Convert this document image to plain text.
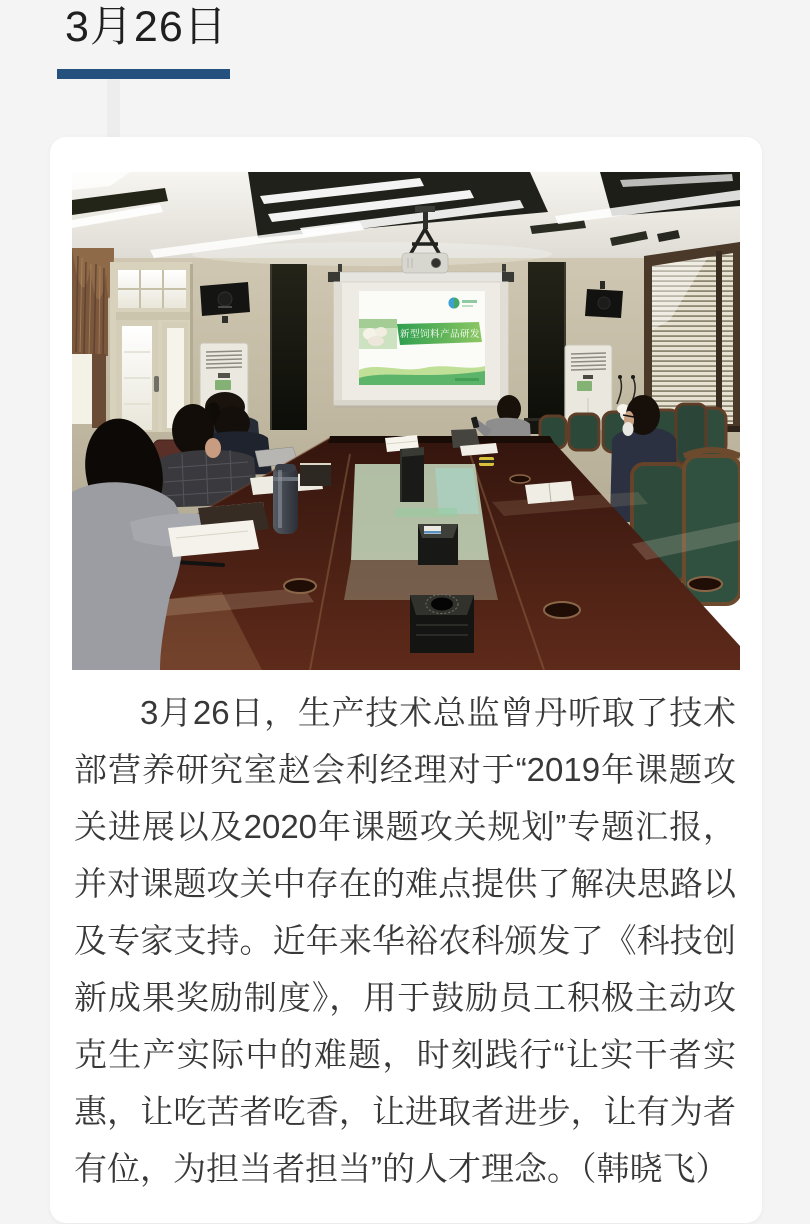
3月26日
新型饲料产品研发

3月26日，生产技术总监曾丹听取了技术部营养研究室赵会利经理对于“2019年课题攻关进展以及2020年课题攻关规划”专题汇报，并对课题攻关中存在的难点提供了解决思路以及专家支持。近年来华裕农科颁发了《科技创新成果奖励制度》，用于鼓励员工积极主动攻克生产实际中的难题，时刻践行“让实干者实惠，让吃苦者吃香，让进取者进步，让有为者有位，为担当者担当”的人才理念。（韩晓飞）
